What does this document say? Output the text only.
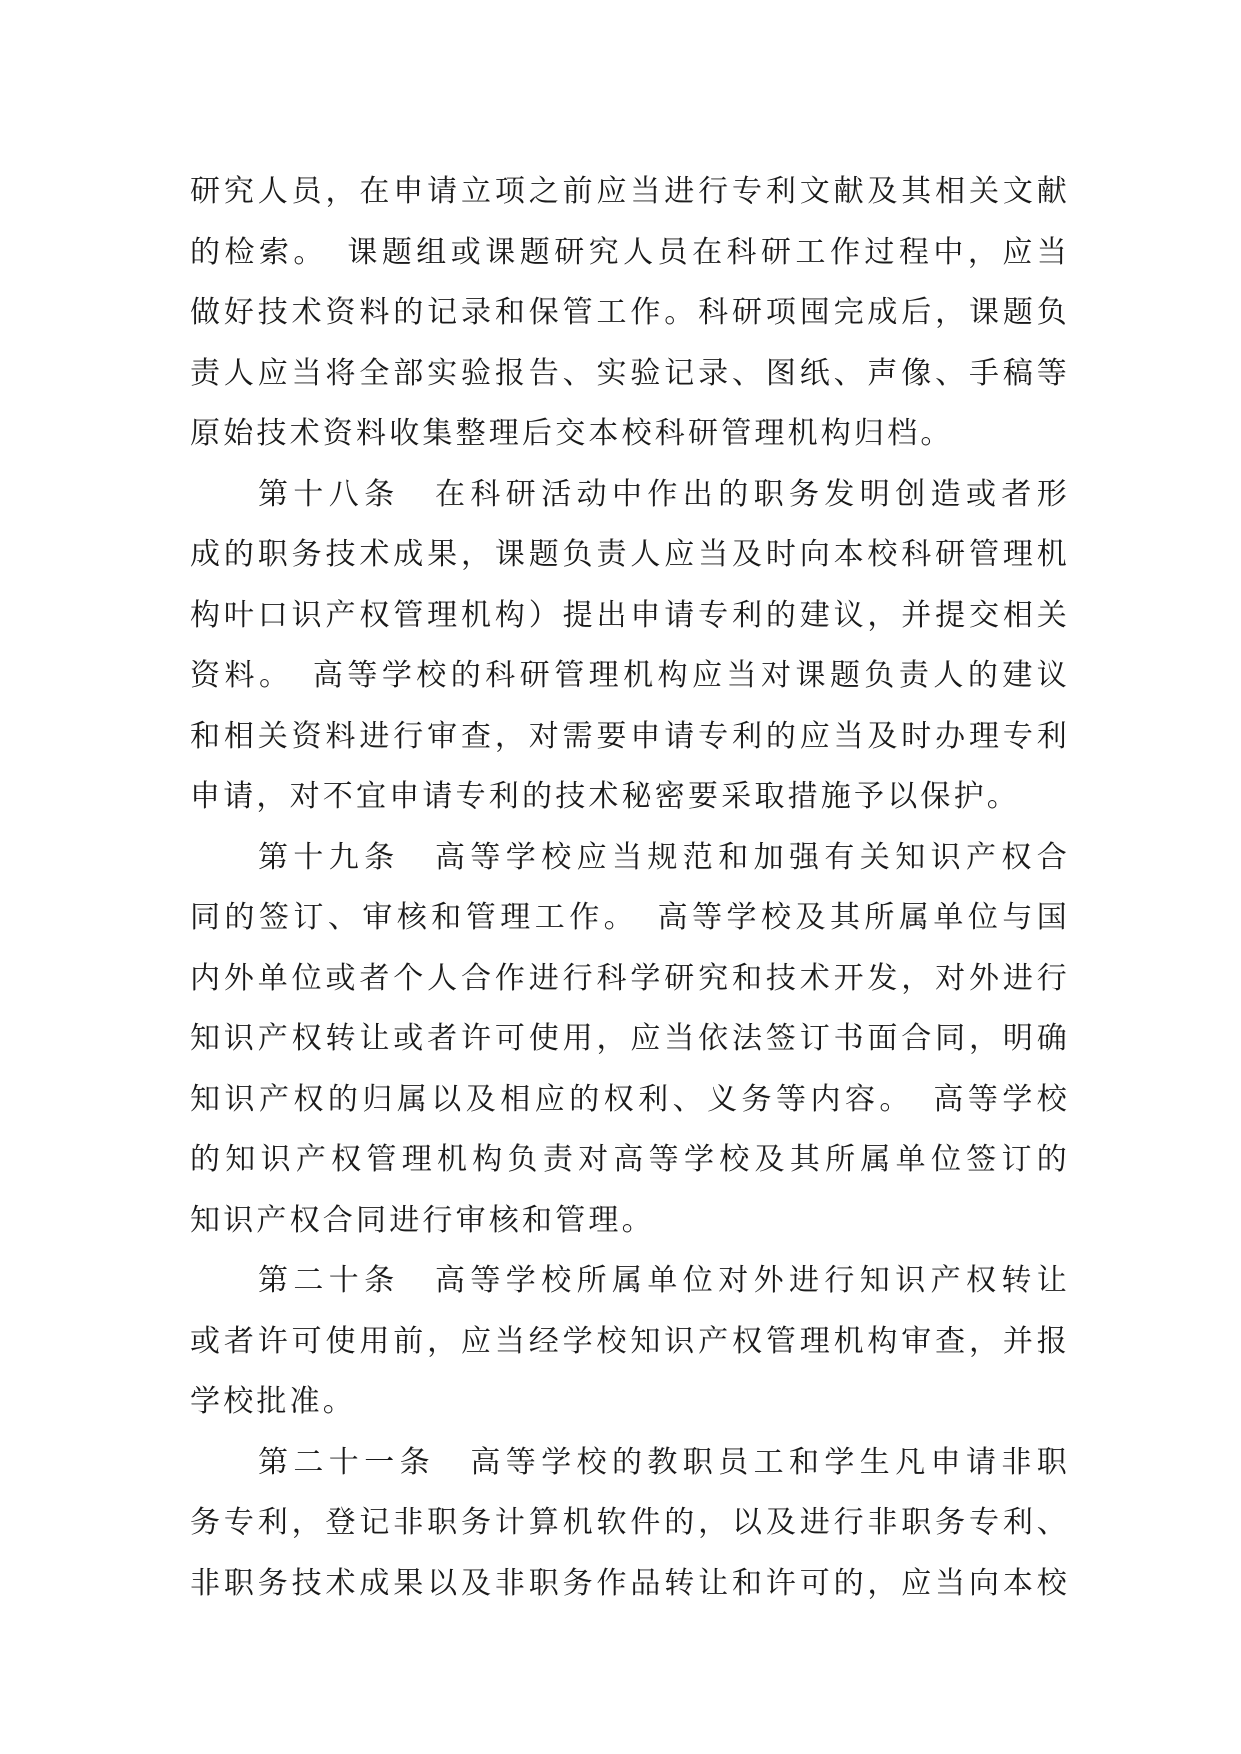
研究人员，在申请立项之前应当进行专利文献及其相关文献
的检索。　课题组或课题研究人员在科研工作过程中，应当
做好技术资料的记录和保管工作。科研项囤完成后，课题负
责人应当将全部实验报告、实验记录、图纸、声像、手稿等
原始技术资料收集整理后交本校科研管理机构归档。
第十八条　在科研活动中作出的职务发明创造或者形
成的职务技术成果，课题负责人应当及时向本校科研管理机
构叶口识产权管理机构）提出申请专利的建议，并提交相关
资料。　高等学校的科研管理机构应当对课题负责人的建议
和相关资料进行审查，对需要申请专利的应当及时办理专利
申请，对不宜申请专利的技术秘密要采取措施予以保护。
第十九条　高等学校应当规范和加强有关知识产权合
同的签订、审核和管理工作。　高等学校及其所属单位与国
内外单位或者个人合作进行科学研究和技术开发，对外进行
知识产权转让或者许可使用，应当依法签订书面合同，明确
知识产权的归属以及相应的权利、义务等内容。　高等学校
的知识产权管理机构负责对高等学校及其所属单位签订的
知识产权合同进行审核和管理。
第二十条　高等学校所属单位对外进行知识产权转让
或者许可使用前，应当经学校知识产权管理机构审查，并报
学校批准。
第二十一条　高等学校的教职员工和学生凡申请非职
务专利，登记非职务计算机软件的，以及进行非职务专利、
非职务技术成果以及非职务作品转让和许可的，应当向本校
